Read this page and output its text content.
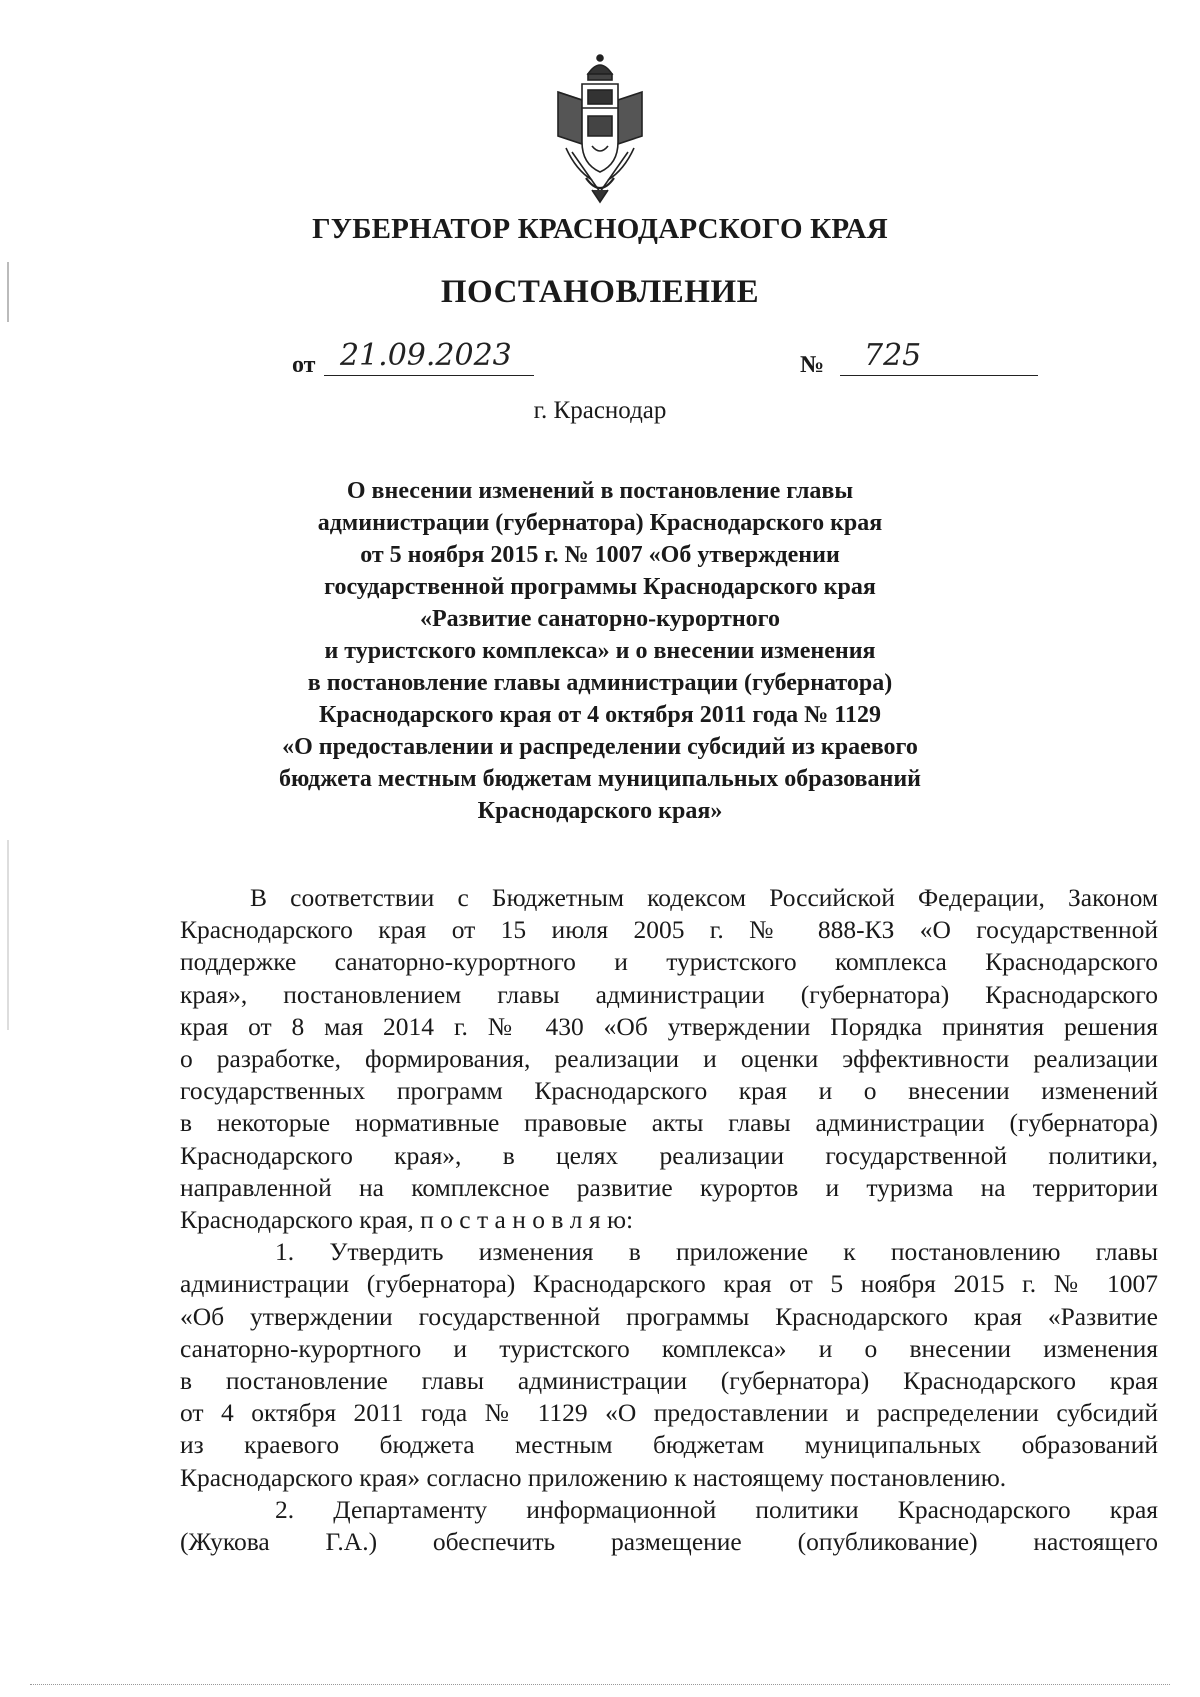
ГУБЕРНАТОР КРАСНОДАРСКОГО КРАЯ
ПОСТАНОВЛЕНИЕ
от 21.09.2023	№ 725
г. Краснодар
О внесении изменений в постановление главы
администрации (губернатора) Краснодарского края
от 5 ноября 2015 г. № 1007 «Об утверждении
государственной программы Краснодарского края
«Развитие санаторно-курортного
и туристского комплекса» и о внесении изменения
в постановление главы администрации (губернатора)
Краснодарского края от 4 октября 2011 года № 1129
«О предоставлении и распределении субсидий из краевого
бюджета местным бюджетам муниципальных образований
Краснодарского края»
В соответствии с Бюджетным кодексом Российской Федерации, Законом
Краснодарского края от 15 июля 2005 г. № 888-КЗ «О государственной
поддержке санаторно-курортного и туристского комплекса Краснодарского
края», постановлением главы администрации (губернатора) Краснодарского
края от 8 мая 2014 г. № 430 «Об утверждении Порядка принятия решения
о разработке, формирования, реализации и оценки эффективности реализации
государственных программ Краснодарского края и о внесении изменений
в некоторые нормативные правовые акты главы администрации (губернатора)
Краснодарского края», в целях реализации государственной политики,
направленной на комплексное развитие курортов и туризма на территории
Краснодарского края, п о с т а н о в л я ю:
1. Утвердить изменения в приложение к постановлению главы
администрации (губернатора) Краснодарского края от 5 ноября 2015 г. № 1007
«Об утверждении государственной программы Краснодарского края «Развитие
санаторно-курортного и туристского комплекса» и о внесении изменения
в постановление главы администрации (губернатора) Краснодарского края
от 4 октября 2011 года № 1129 «О предоставлении и распределении субсидий
из краевого бюджета местным бюджетам муниципальных образований
Краснодарского края» согласно приложению к настоящему постановлению.
2. Департаменту информационной политики Краснодарского края
(Жукова Г.А.) обеспечить размещение (опубликование) настоящего
